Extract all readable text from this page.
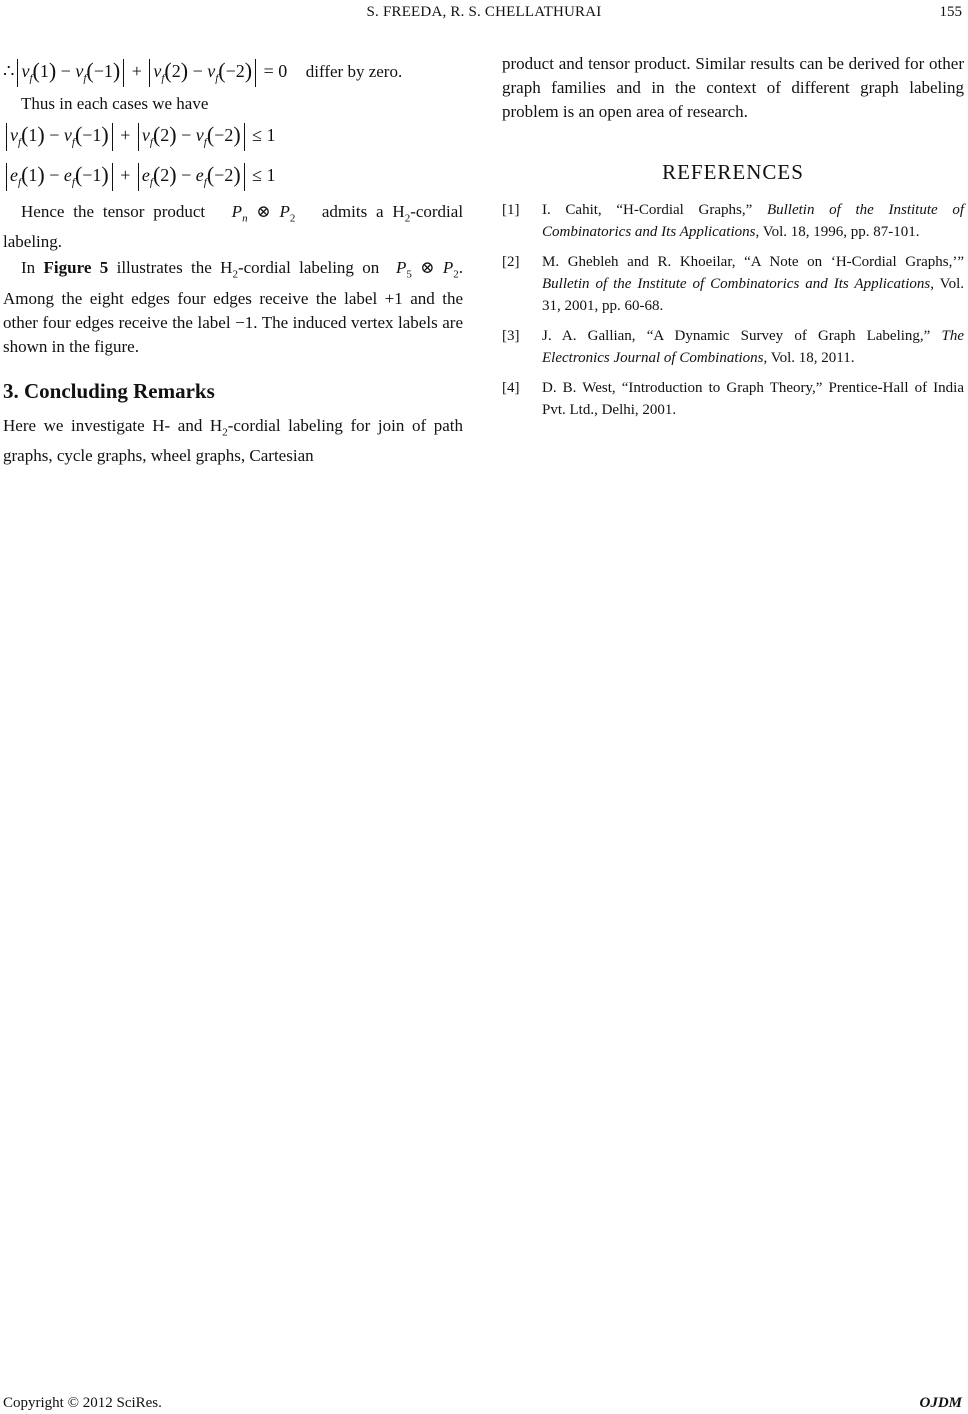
S. FREEDA, R. S. CHELLATHURAI	155
∴ $v_f(1) - v_f(-1) + v_f(2) - v_f(-2) = 0$ differ by zero.

Thus in each cases we have

$v_f(1) - v_f(-1) + v_f(2) - v_f(-2) \le 1$
$e_f(1) - e_f(-1) + e_f(2) - e_f(-2) \le 1$

Hence the tensor product $P_n$ ⊗ $P_2$ admits a $H_2$-cordial labeling.

In Figure 5 illustrates the $H_2$-cordial labeling on $P_5$ ⊗ $P_2$. Among the eight edges four edges receive the label +1 and the other four edges receive the label −1. The induced vertex labels are shown in the figure.

3. Concluding Remarks

Here we investigate H- and $H_2$-cordial labeling for join of path graphs, cycle graphs, wheel graphs, Cartesian

product and tensor product. Similar results can be derived for other graph families and in the context of different graph labeling problem is an open area of research.

REFERENCES
[1]	I. Cahit, “H-Cordial Graphs,” Bulletin of the Institute of Combinatorics and Its Applications, Vol. 18, 1996, pp. 87-101.
[2]	M. Ghebleh and R. Khoeilar, “A Note on ‘H-Cordial Graphs,’” Bulletin of the Institute of Combinatorics and Its Applications, Vol. 31, 2001, pp. 60-68.
[3]	J. A. Gallian, “A Dynamic Survey of Graph Labeling,” The Electronics Journal of Combinations, Vol. 18, 2011.
[4]	D. B. West, “Introduction to Graph Theory,” Prentice-Hall of India Pvt. Ltd., Delhi, 2001.
Copyright © 2012 SciRes.	OJDM
